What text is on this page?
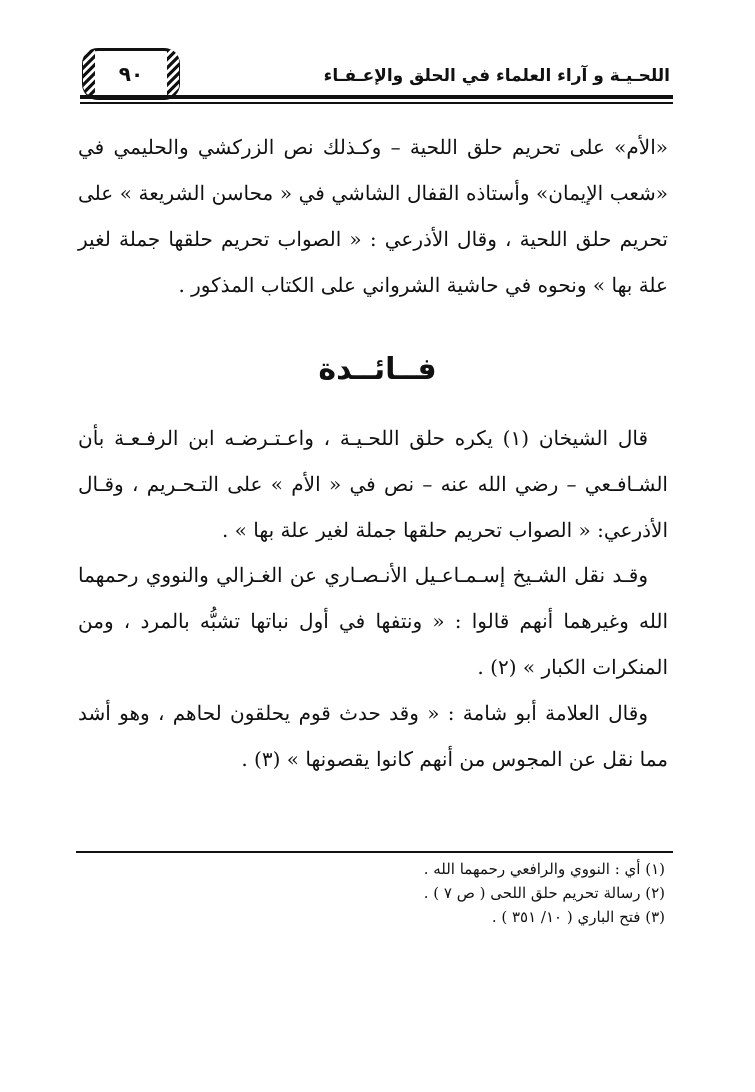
اللحـيـة و آراء العلماء في الحلق والإعـفـاء
٩٠
«الأم» على تحريم حلق اللحية – وكـذلك نص الزركشي والحليمي في «شعب الإيمان» وأستاذه القفال الشاشي في « محاسن الشريعة » على تحريم حلق اللحية ، وقال الأذرعي : « الصواب تحريم حلقها جملة لغير علة بها » ونحوه في حاشية الشرواني على الكتاب المذكور .
فــائــدة
قال الشيخان (١) يكره حلق اللحـيـة ، واعـتـرضـه ابن الرفـعـة بأن الشـافـعي – رضي الله عنه – نص في « الأم » على التـحـريم ، وقـال الأذرعي: « الصواب تحريم حلقها جملة لغير علة بها » .
وقـد نقل الشـيخ إسـمـاعـيل الأنـصـاري عن الغـزالي والنووي رحمهما الله وغيرهما أنهم قالوا : « ونتفها في أول نباتها تشبُّه بالمرد ، ومن المنكرات الكبار » (٢) .
وقال العلامة أبو شامة : « وقد حدث قوم يحلقون لحاهم ، وهو أشد مما نقل عن المجوس من أنهم كانوا يقصونها » (٣) .
(١) أي : النووي والرافعي رحمهما الله .
(٢) رسالة تحريم حلق اللحى ( ص ٧ ) .
(٣) فتح الباري ( ١٠/ ٣٥١ ) .
